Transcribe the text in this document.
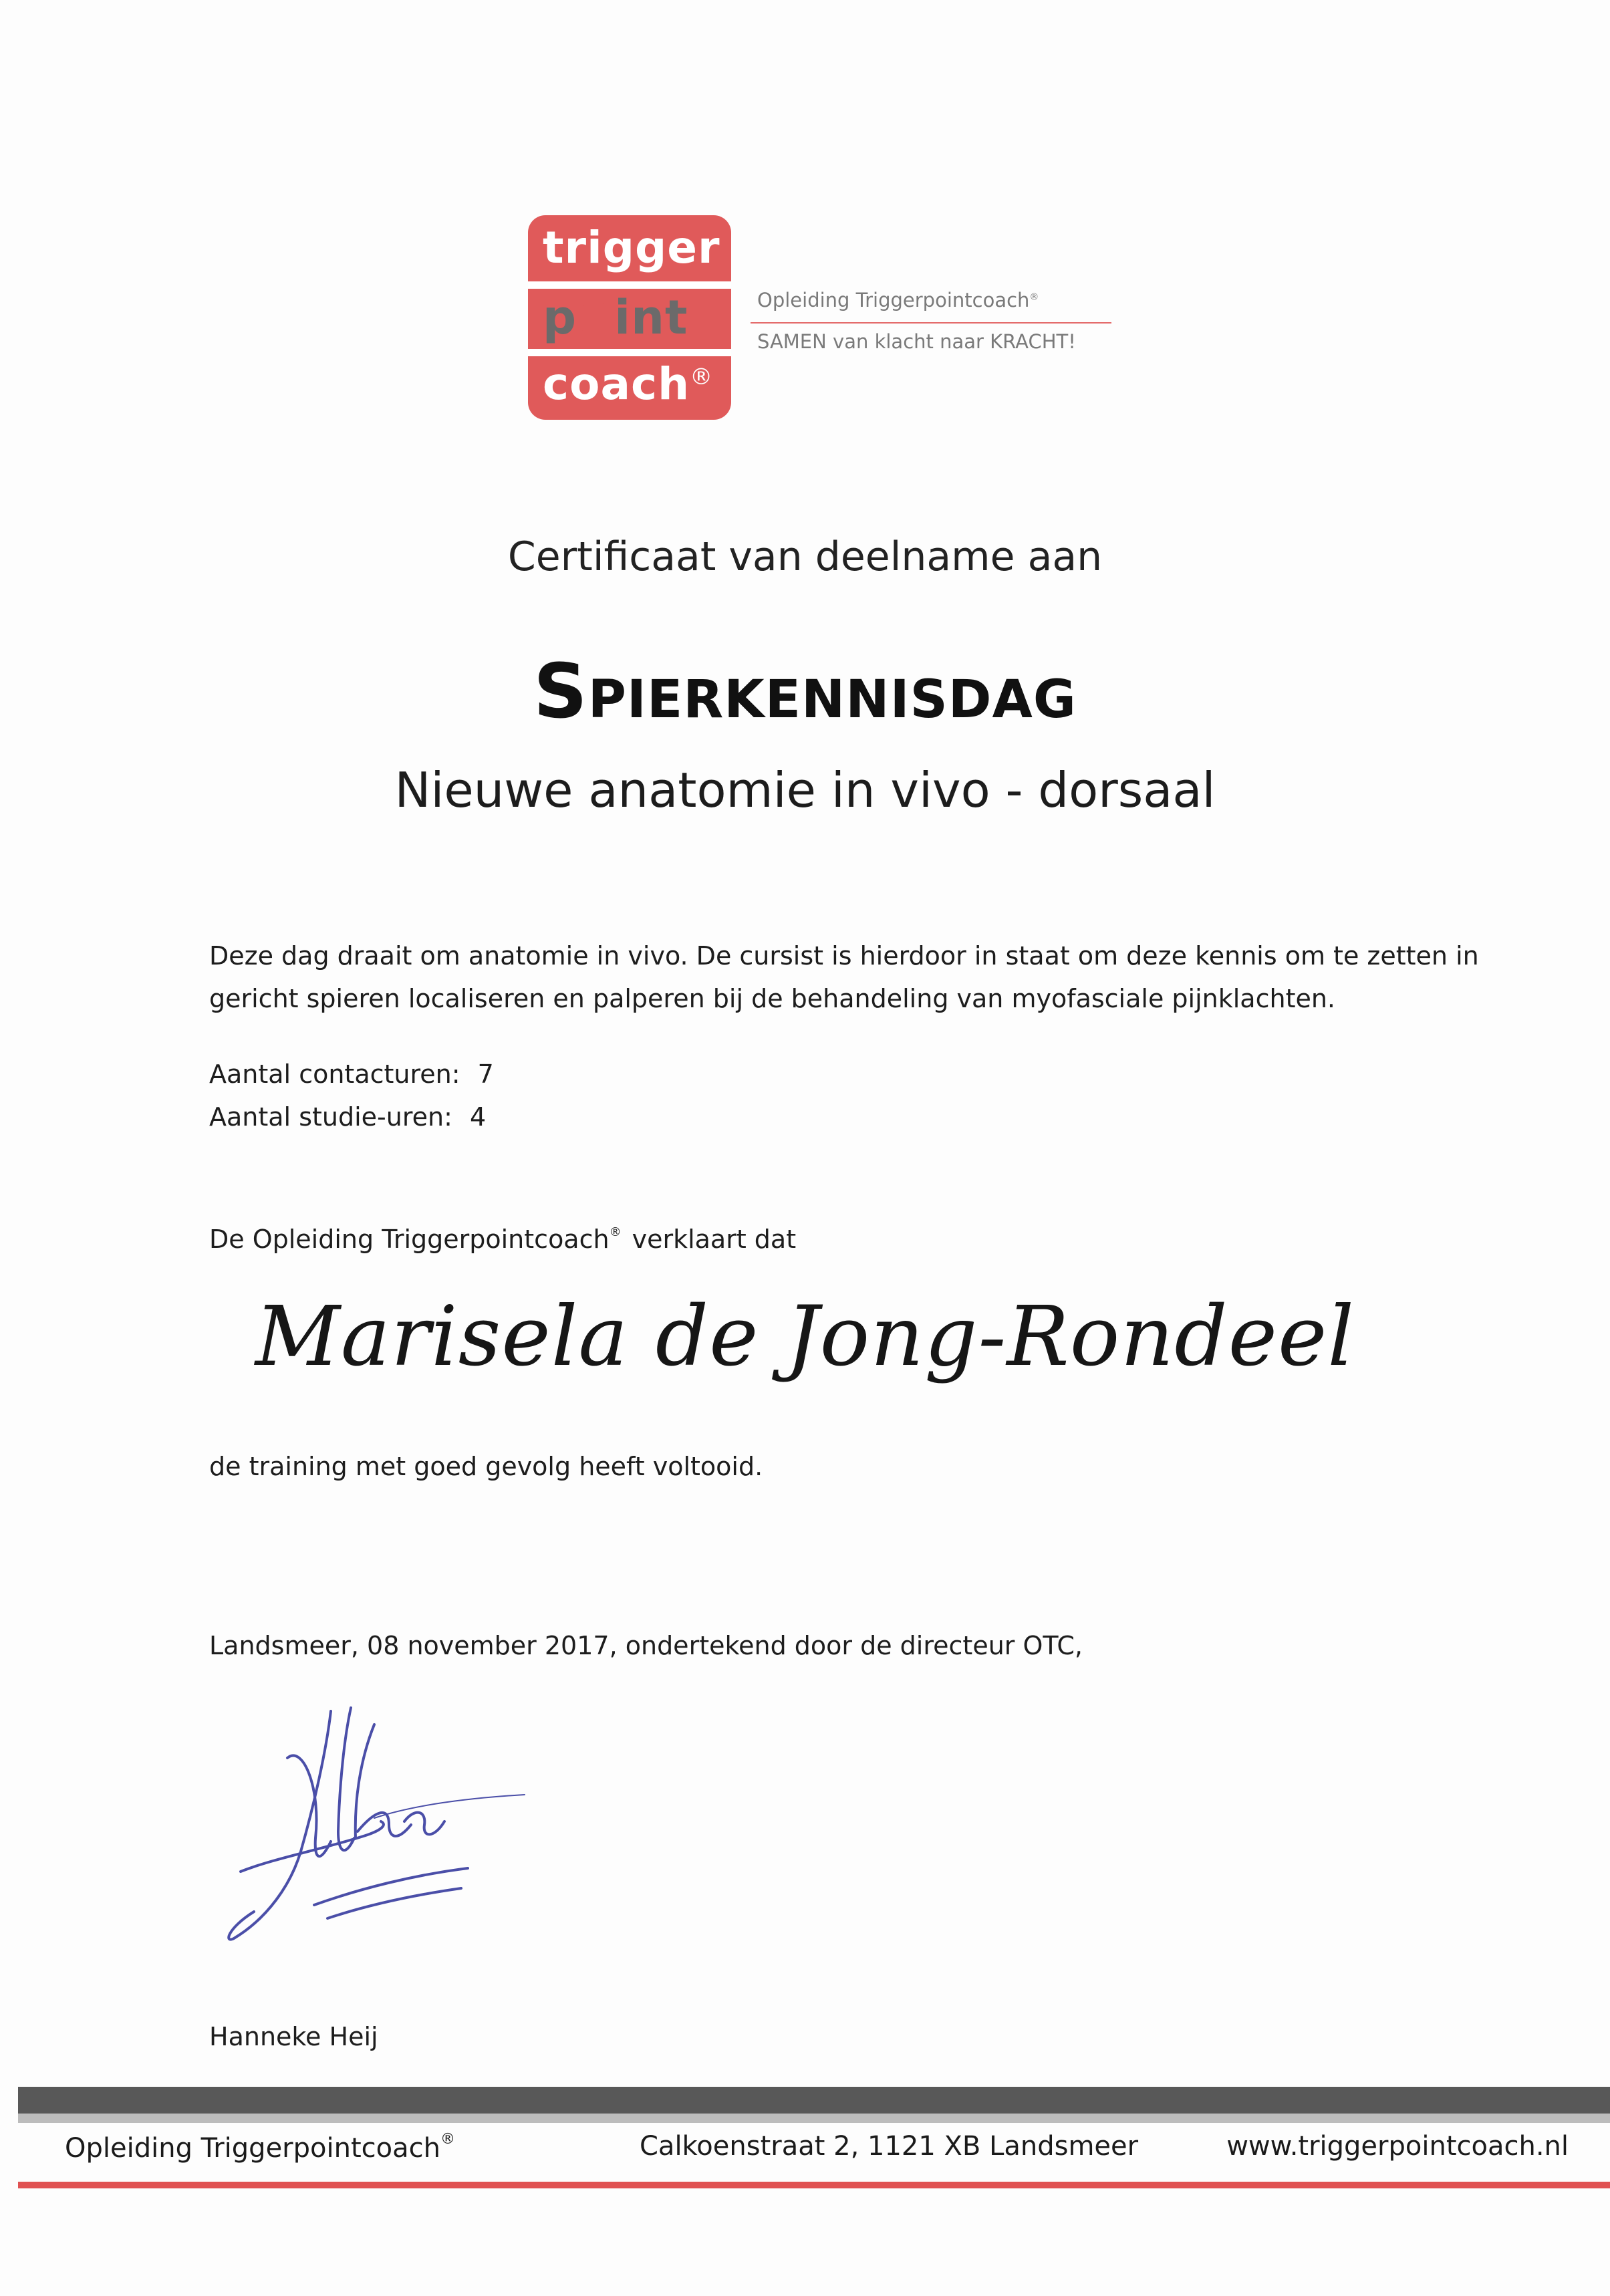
trigger
p int
coach®
Opleiding Triggerpointcoach®
SAMEN van klacht naar KRACHT!
Certificaat van deelname aan
Spierkennisdag
Nieuwe anatomie in vivo - dorsaal
Deze dag draait om anatomie in vivo. De cursist is hierdoor in staat om deze kennis om te zetten in
gericht spieren localiseren en palperen bij de behandeling van myofasciale pijnklachten.
Aantal contacturen: 7
Aantal studie-uren: 4
De Opleiding Triggerpointcoach® verklaart dat
Marisela de Jong-Rondeel
de training met goed gevolg heeft voltooid.
Landsmeer, 08 november 2017, ondertekend door de directeur OTC,
Hanneke Heij
Opleiding Triggerpointcoach®	Calkoenstraat 2, 1121 XB Landsmeer	www.triggerpointcoach.nl
